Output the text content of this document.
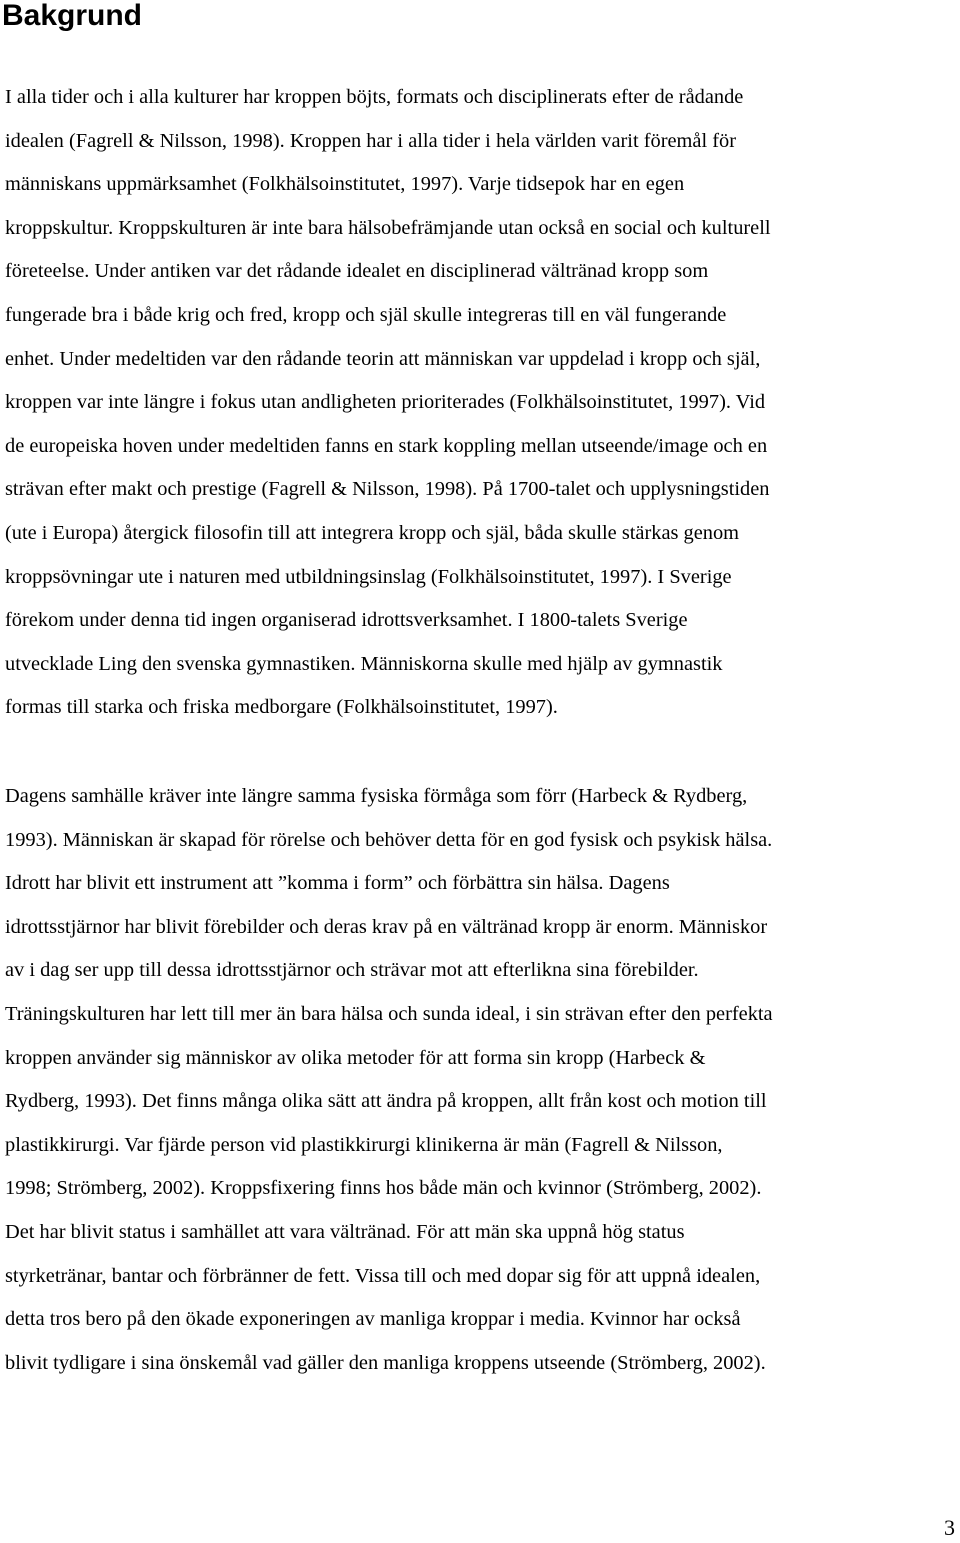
Bakgrund

I alla tider och i alla kulturer har kroppen böjts, formats och disciplinerats efter de rådande
idealen (Fagrell & Nilsson, 1998). Kroppen har i alla tider i hela världen varit föremål för
människans uppmärksamhet (Folkhälsoinstitutet, 1997). Varje tidsepok har en egen
kroppskultur. Kroppskulturen är inte bara hälsobefrämjande utan också en social och kulturell
företeelse. Under antiken var det rådande idealet en disciplinerad vältränad kropp som
fungerade bra i både krig och fred, kropp och själ skulle integreras till en väl fungerande
enhet. Under medeltiden var den rådande teorin att människan var uppdelad i kropp och själ,
kroppen var inte längre i fokus utan andligheten prioriterades (Folkhälsoinstitutet, 1997). Vid
de europeiska hoven under medeltiden fanns en stark koppling mellan utseende/image och en
strävan efter makt och prestige (Fagrell & Nilsson, 1998). På 1700-talet och upplysningstiden
(ute i Europa) återgick filosofin till att integrera kropp och själ, båda skulle stärkas genom
kroppsövningar ute i naturen med utbildningsinslag (Folkhälsoinstitutet, 1997). I Sverige
förekom under denna tid ingen organiserad idrottsverksamhet. I 1800-talets Sverige
utvecklade Ling den svenska gymnastiken. Människorna skulle med hjälp av gymnastik
formas till starka och friska medborgare (Folkhälsoinstitutet, 1997).

Dagens samhälle kräver inte längre samma fysiska förmåga som förr (Harbeck & Rydberg,
1993). Människan är skapad för rörelse och behöver detta för en god fysisk och psykisk hälsa.
Idrott har blivit ett instrument att ”komma i form” och förbättra sin hälsa. Dagens
idrottsstjärnor har blivit förebilder och deras krav på en vältränad kropp är enorm. Människor
av i dag ser upp till dessa idrottsstjärnor och strävar mot att efterlikna sina förebilder.
Träningskulturen har lett till mer än bara hälsa och sunda ideal, i sin strävan efter den perfekta
kroppen använder sig människor av olika metoder för att forma sin kropp (Harbeck &
Rydberg, 1993). Det finns många olika sätt att ändra på kroppen, allt från kost och motion till
plastikkirurgi. Var fjärde person vid plastikkirurgi klinikerna är män (Fagrell & Nilsson,
1998; Strömberg, 2002). Kroppsfixering finns hos både män och kvinnor (Strömberg, 2002).
Det har blivit status i samhället att vara vältränad. För att män ska uppnå hög status
styrketränar, bantar och förbränner de fett. Vissa till och med dopar sig för att uppnå idealen,
detta tros bero på den ökade exponeringen av manliga kroppar i media. Kvinnor har också
blivit tydligare i sina önskemål vad gäller den manliga kroppens utseende (Strömberg, 2002).

3
